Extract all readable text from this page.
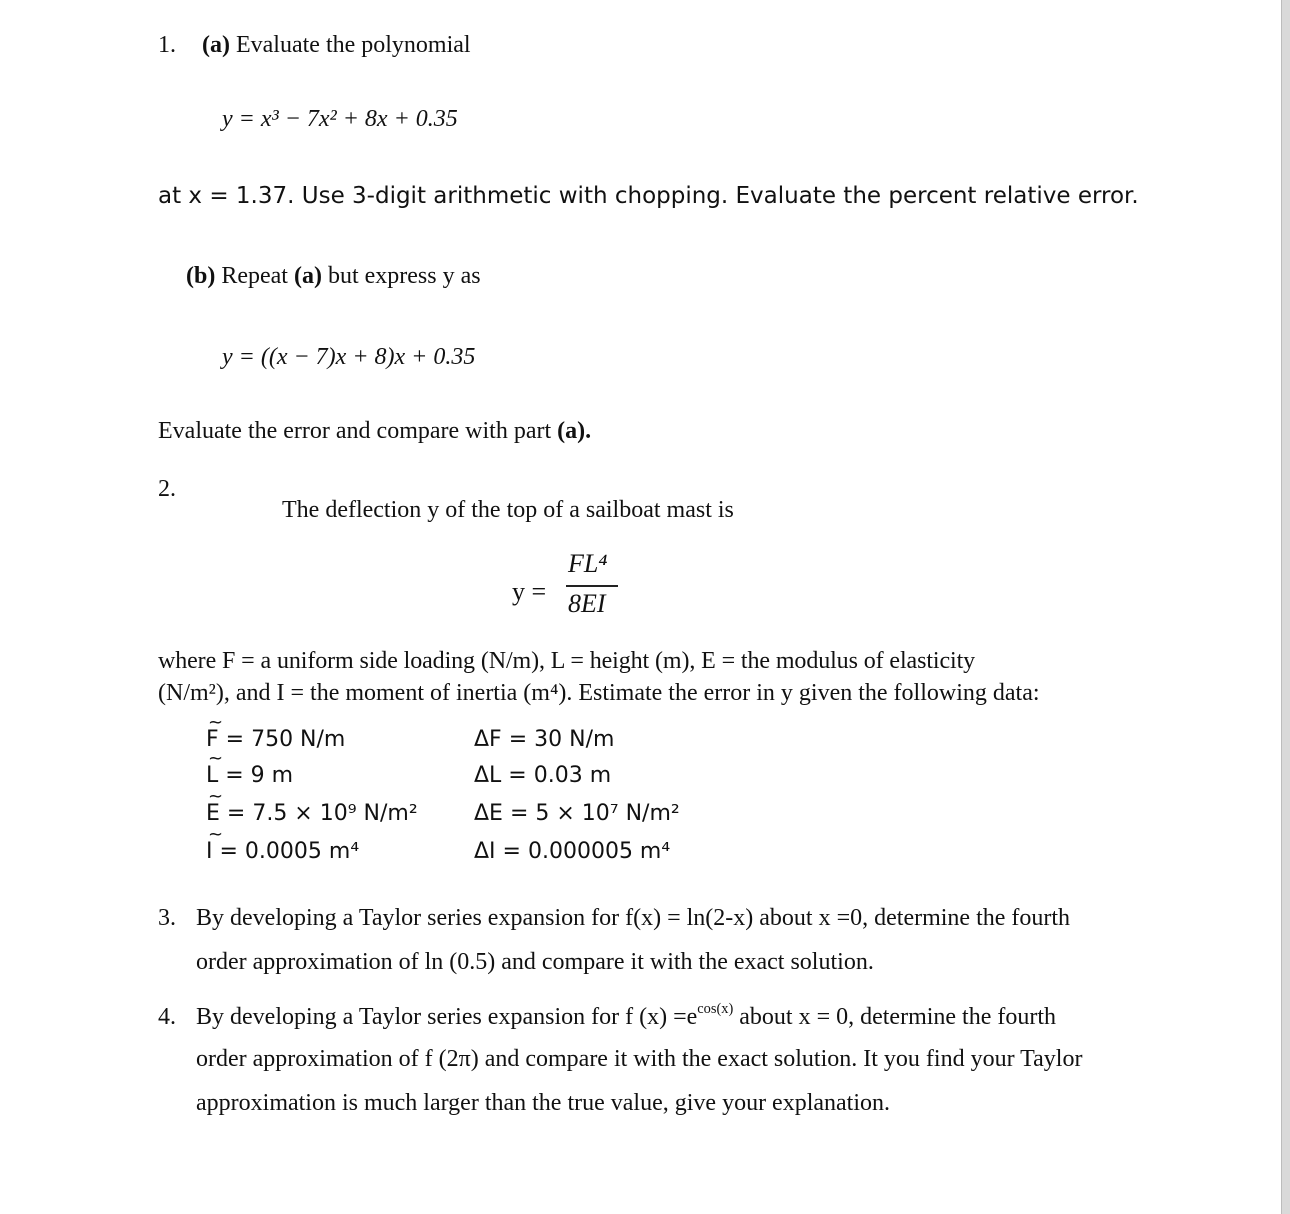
1. (a) Evaluate the polynomial
y = x³ − 7x² + 8x + 0.35
at x = 1.37. Use 3-digit arithmetic with chopping. Evaluate the percent relative error.
(b) Repeat (a) but express y as
y = ((x − 7)x + 8)x + 0.35
Evaluate the error and compare with part (a).
2.
The deflection y of the top of a sailboat mast is
y =
FL⁴
8EI
where F = a uniform side loading (N/m), L = height (m), E = the modulus of elasticity
(N/m²), and I = the moment of inertia (m⁴). Estimate the error in y given the following data:
~ F = 750 N/m	ΔF = 30 N/m
~ L = 9 m	ΔL = 0.03 m
~ E = 7.5 × 10⁹ N/m²	ΔE = 5 × 10⁷ N/m²
~ I = 0.0005 m⁴	ΔI = 0.000005 m⁴
3. By developing a Taylor series expansion for f(x) = ln(2-x) about x =0, determine the fourth
order approximation of ln (0.5) and compare it with the exact solution.
4. By developing a Taylor series expansion for f $(x) =e^{cos(x)}$ about x = 0, determine the fourth
order approximation of f (2π) and compare it with the exact solution. It you find your Taylor
approximation is much larger than the true value, give your explanation.
